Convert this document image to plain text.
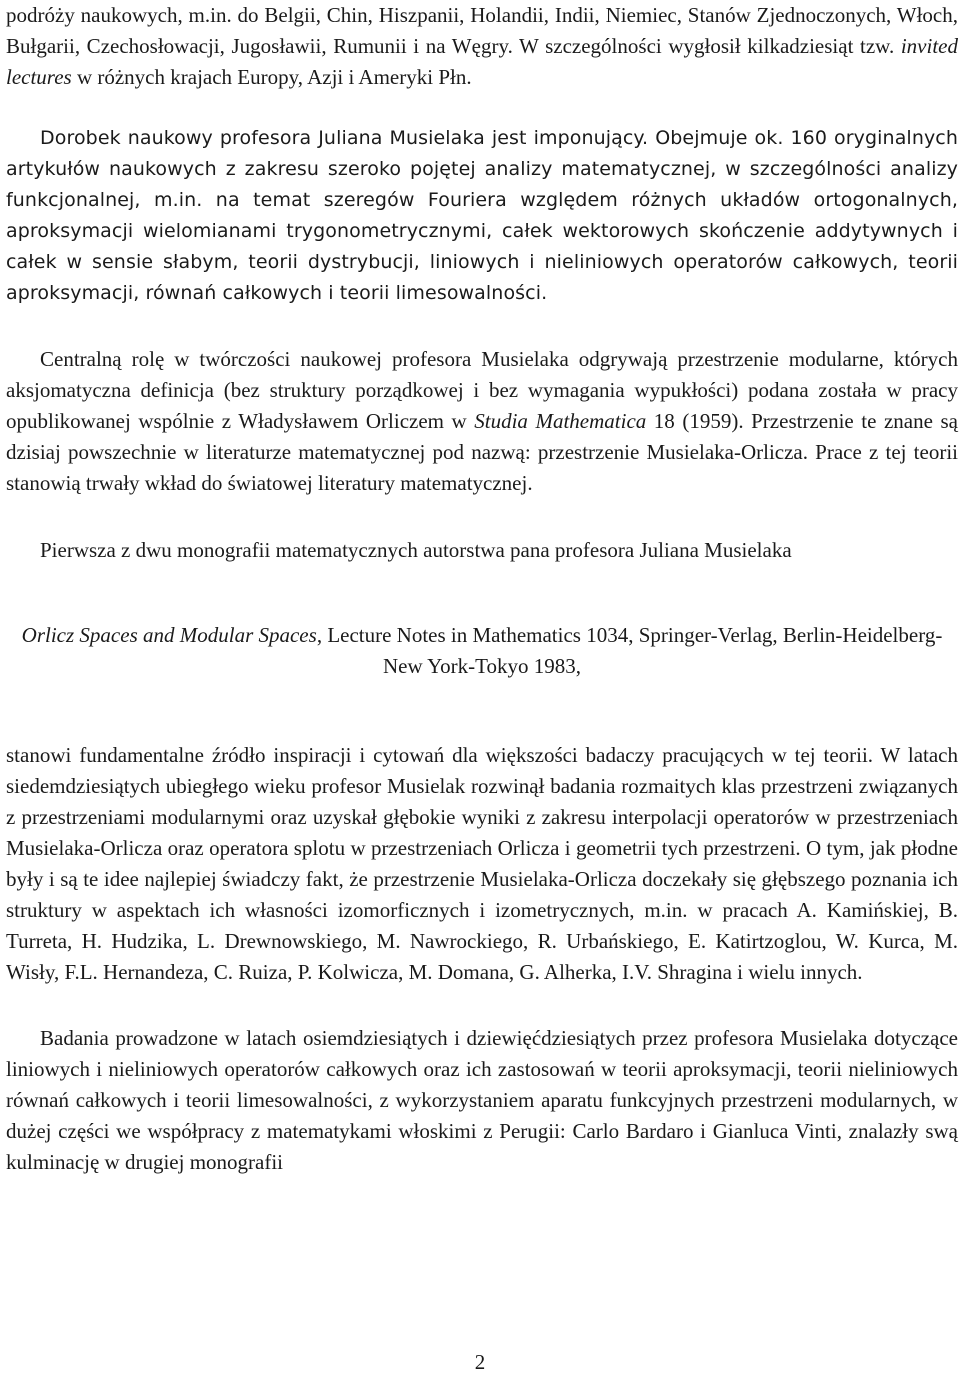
podróży naukowych, m.in. do Belgii, Chin, Hiszpanii, Holandii, Indii, Niemiec, Stanów Zjednoczonych, Włoch, Bułgarii, Czechosłowacji, Jugosławii, Rumunii i na Węgry. W szczególności wygłosił kilkadziesiąt tzw. invited lectures w różnych krajach Europy, Azji i Ameryki Płn.

Dorobek naukowy profesora Juliana Musielaka jest imponujący. Obejmuje ok. 160 oryginalnych artykułów naukowych z zakresu szeroko pojętej analizy matematycznej, w szczególności analizy funkcjonalnej, m.in. na temat szeregów Fouriera względem różnych układów ortogonalnych, aproksymacji wielomianami trygonometrycznymi, całek wektorowych skończenie addytywnych i całek w sensie słabym, teorii dystrybucji, liniowych i nieliniowych operatorów całkowych, teorii aproksymacji, równań całkowych i teorii limesowalności.

Centralną rolę w twórczości naukowej profesora Musielaka odgrywają przestrzenie modularne, których aksjomatyczna definicja (bez struktury porządkowej i bez wymagania wypukłości) podana została w pracy opublikowanej wspólnie z Władysławem Orliczem w Studia Mathematica 18 (1959). Przestrzenie te znane są dzisiaj powszechnie w literaturze matematycznej pod nazwą: przestrzenie Musielaka-Orlicza. Prace z tej teorii stanowią trwały wkład do światowej literatury matematycznej.

Pierwsza z dwu monografii matematycznych autorstwa pana profesora Juliana Musielaka

Orlicz Spaces and Modular Spaces, Lecture Notes in Mathematics 1034, Springer-Verlag, Berlin-Heidelberg-New York-Tokyo 1983,

stanowi fundamentalne źródło inspiracji i cytowań dla większości badaczy pracujących w tej teorii. W latach siedemdziesiątych ubiegłego wieku profesor Musielak rozwinął badania rozmaitych klas przestrzeni związanych z przestrzeniami modularnymi oraz uzyskał głębokie wyniki z zakresu interpolacji operatorów w przestrzeniach Musielaka-Orlicza oraz operatora splotu w przestrzeniach Orlicza i geometrii tych przestrzeni. O tym, jak płodne były i są te idee najlepiej świadczy fakt, że przestrzenie Musielaka-Orlicza doczekały się głębszego poznania ich struktury w aspektach ich własności izomorficznych i izometrycznych, m.in. w pracach A. Kamińskiej, B. Turreta, H. Hudzika, L. Drewnowskiego, M. Nawrockiego, R. Urbańskiego, E. Katirtzoglou, W. Kurca, M. Wisły, F.L. Hernandeza, C. Ruiza, P. Kolwicza, M. Domana, G. Alherka, I.V. Shragina i wielu innych.

Badania prowadzone w latach osiemdziesiątych i dziewięćdziesiątych przez profesora Musielaka dotyczące liniowych i nieliniowych operatorów całkowych oraz ich zastosowań w teorii aproksymacji, teorii nieliniowych równań całkowych i teorii limesowalności, z wykorzystaniem aparatu funkcyjnych przestrzeni modularnych, w dużej części we współpracy z matematykami włoskimi z Perugii: Carlo Bardaro i Gianluca Vinti, znalazły swą kulminację w drugiej monografii

2
